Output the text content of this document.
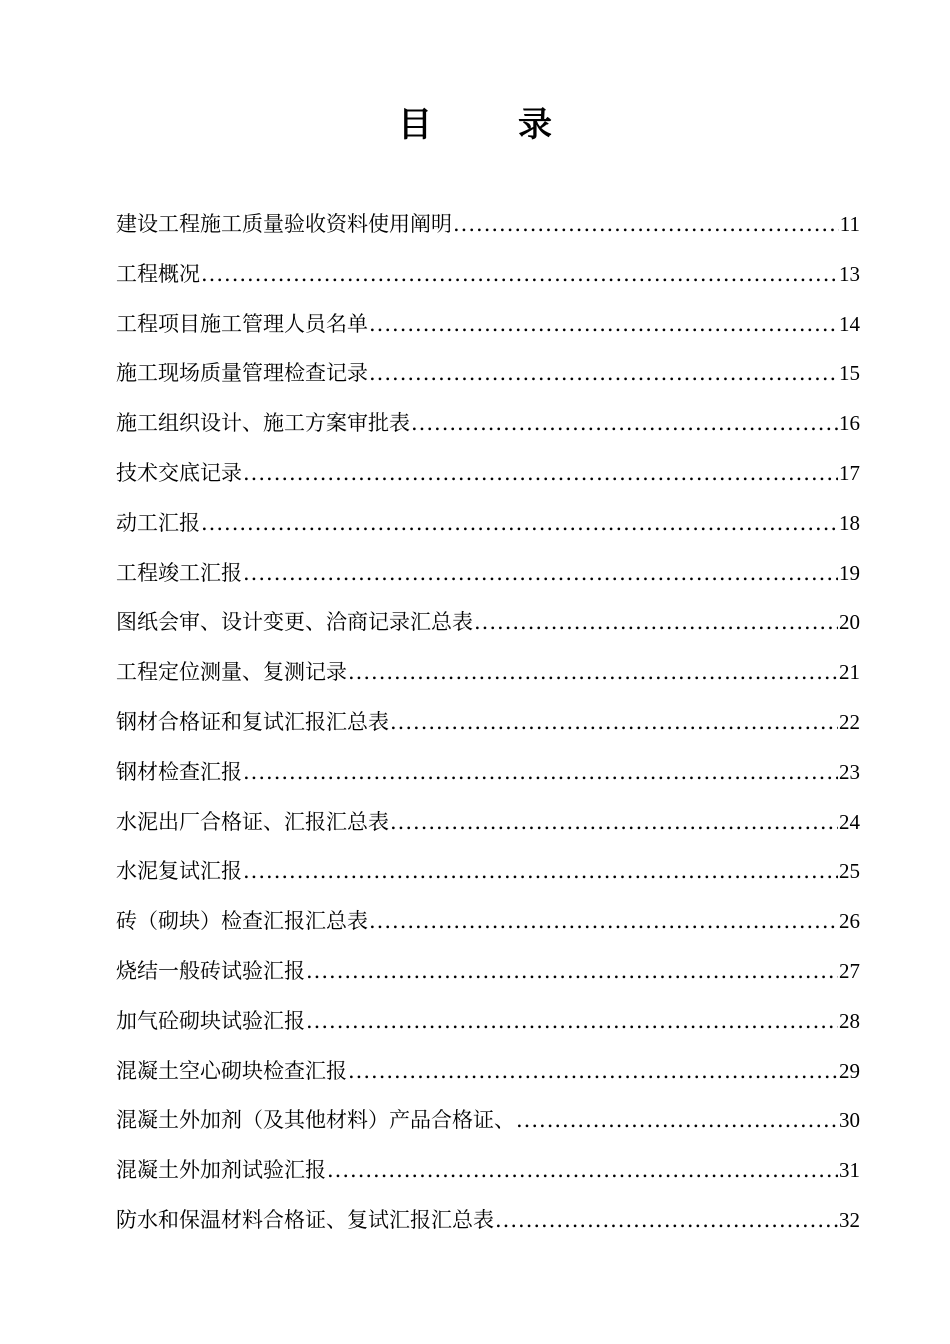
目	录
建设工程施工质量验收资料使用阐明 .....	11
工程概况 .....	13
工程项目施工管理人员名单 .....	14
施工现场质量管理检查记录 .....	15
施工组织设计、施工方案审批表 .....	16
技术交底记录 .....	17
动工汇报 .....	18
工程竣工汇报 .....	19
图纸会审、设计变更、洽商记录汇总表 .....	20
工程定位测量、复测记录 .....	21
钢材合格证和复试汇报汇总表 .....	22
钢材检查汇报 .....	23
水泥出厂合格证、汇报汇总表 .....	24
水泥复试汇报 .....	25
砖（砌块）检查汇报汇总表 .....	26
烧结一般砖试验汇报 .....	27
加气砼砌块试验汇报 .....	28
混凝土空心砌块检查汇报 .....	29
混凝土外加剂（及其他材料）产品合格证、 .....	30
混凝土外加剂试验汇报 .....	31
防水和保温材料合格证、复试汇报汇总表 .....	32
